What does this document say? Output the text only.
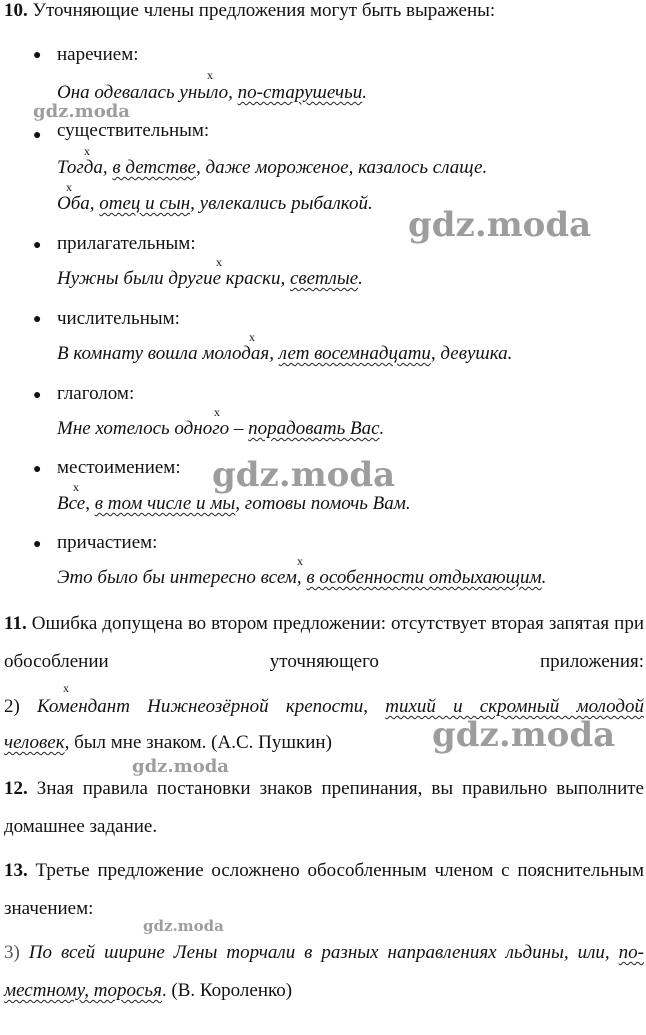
10. Уточняющие члены предложения могут быть выражены:
● наречием:
x
Она одевалась уныло, по-старушечьи.
● существительным:
x
Тогда, в детстве, даже мороженое, казалось слаще.
x
Оба, отец и сын, увлекались рыбалкой.
● прилагательным:
x
Нужны были другие краски, светлые.
● числительным:
x
В комнату вошла молодая, лет восемнадцати, девушка.
● глаголом:
x
Мне хотелось одного – порадовать Вас.
● местоимением:
x
Все, в том числе и мы, готовы помочь Вам.
● причастием:
x
Это было бы интересно всем, в особенности отдыхающим.
11. Ошибка допущена во втором предложении: отсутствует вторая запятая при обособлении уточняющего приложения:
x
2) Комендант Нижнеозёрной крепости, тихий и скромный молодой
человек, был мне знаком. (А.С. Пушкин)
12. Зная правила постановки знаков препинания, вы правильно выполните домашнее задание.
13. Третье предложение осложнено обособленным членом с пояснительным значением:
3) По всей ширине Лены торчали в разных направлениях льдины, или, по-местному, торосья. (В. Короленко)
gdz.moda
gdz.moda
gdz.moda
gdz.moda
gdz.moda
gdz.moda
